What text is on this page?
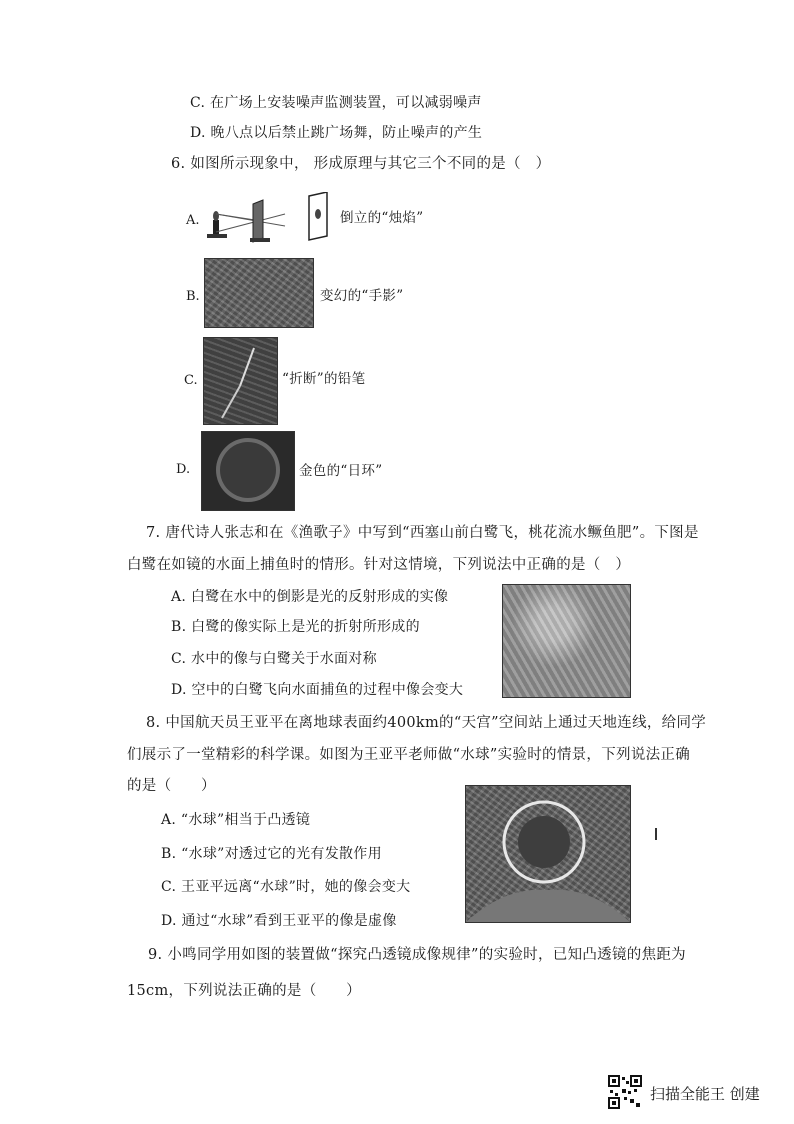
C. 在广场上安装噪声监测装置，可以减弱噪声
D. 晚八点以后禁止跳广场舞，防止噪声的产生
6. 如图所示现象中， 形成原理与其它三个不同的是（　）
A.	倒立的“烛焰”
B.	变幻的“手影”
C.	“折断”的铅笔
D.	金色的“日环”
7. 唐代诗人张志和在《渔歌子》中写到“西塞山前白鹭飞，桃花流水鳜鱼肥”。下图是
白鹭在如镜的水面上捕鱼时的情形。针对这情境，下列说法中正确的是（　）
A. 白鹭在水中的倒影是光的反射形成的实像
B. 白鹭的像实际上是光的折射所形成的
C. 水中的像与白鹭关于水面对称
D. 空中的白鹭飞向水面捕鱼的过程中像会变大
8. 中国航天员王亚平在离地球表面约400km的“天宫”空间站上通过天地连线，给同学
们展示了一堂精彩的科学课。如图为王亚平老师做“水球”实验时的情景，下列说法正确
的是（　　）
A. “水球”相当于凸透镜
B. “水球”对透过它的光有发散作用
C. 王亚平远离“水球”时，她的像会变大
D. 通过“水球”看到王亚平的像是虚像
9. 小鸣同学用如图的装置做“探究凸透镜成像规律”的实验时，已知凸透镜的焦距为
15cm，下列说法正确的是（　　）
扫描全能王 创建
